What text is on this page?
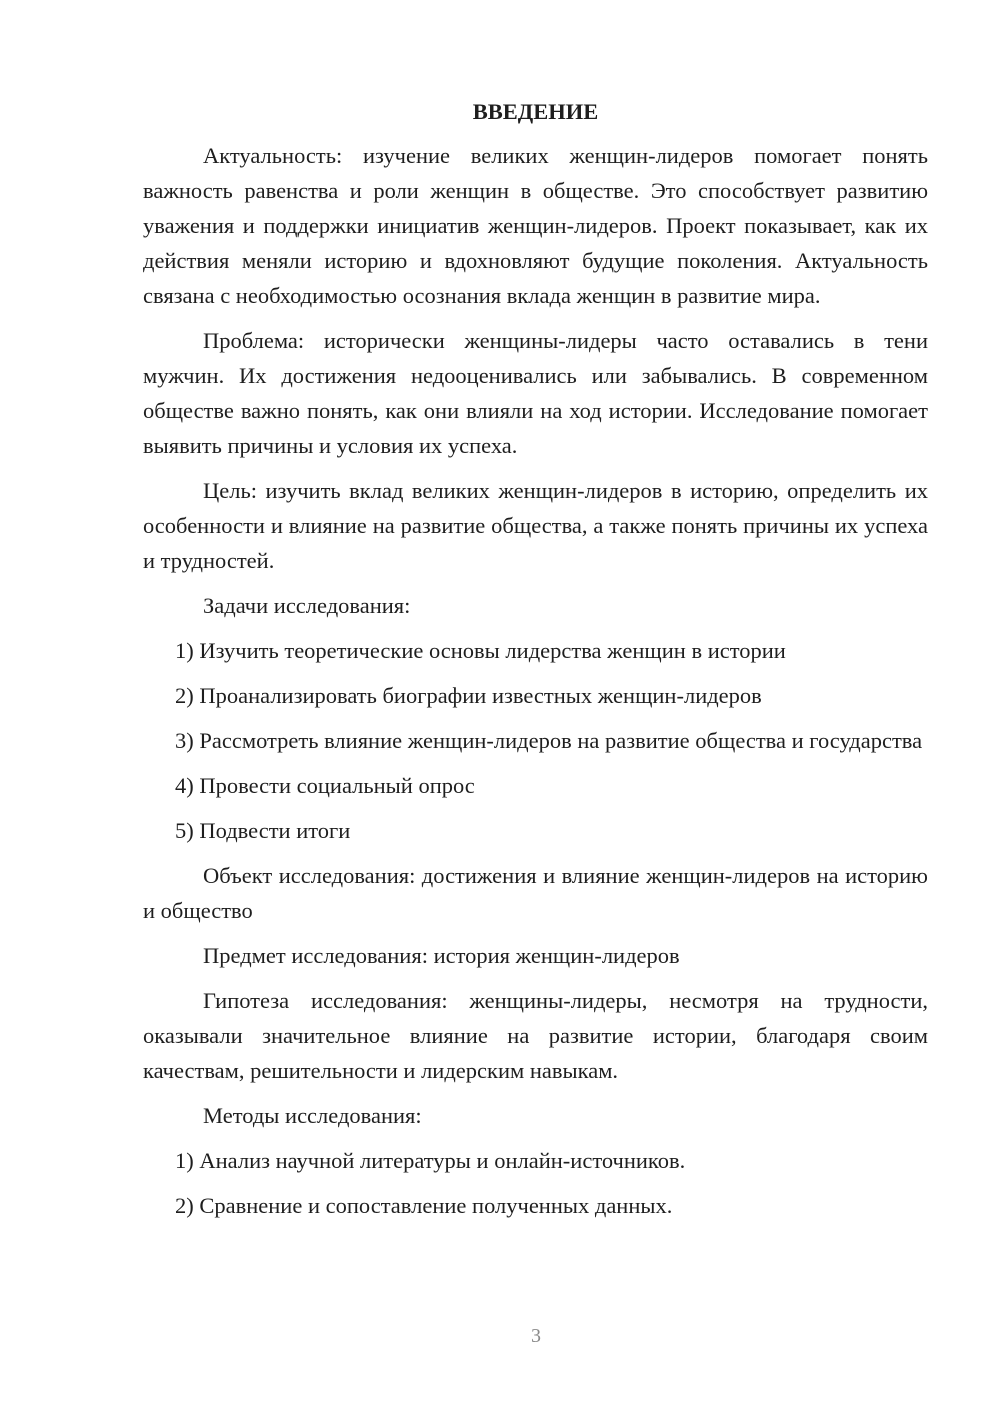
ВВЕДЕНИЕ
Актуальность: изучение великих женщин-лидеров помогает понять важность равенства и роли женщин в обществе. Это способствует развитию уважения и поддержки инициатив женщин-лидеров. Проект показывает, как их действия меняли историю и вдохновляют будущие поколения. Актуальность связана с необходимостью осознания вклада женщин в развитие мира.
Проблема: исторически женщины-лидеры часто оставались в тени мужчин. Их достижения недооценивались или забывались. В современном обществе важно понять, как они влияли на ход истории. Исследование помогает выявить причины и условия их успеха.
Цель: изучить вклад великих женщин-лидеров в историю, определить их особенности и влияние на развитие общества, а также понять причины их успеха и трудностей.
Задачи исследования:
1) Изучить теоретические основы лидерства женщин в истории
2) Проанализировать биографии известных женщин-лидеров
3) Рассмотреть влияние женщин-лидеров на развитие общества и государства
4) Провести социальный опрос
5) Подвести итоги
Объект исследования: достижения и влияние женщин-лидеров на историю и общество
Предмет исследования: история женщин-лидеров
Гипотеза исследования: женщины-лидеры, несмотря на трудности, оказывали значительное влияние на развитие истории, благодаря своим качествам, решительности и лидерским навыкам.
Методы исследования:
1) Анализ научной литературы и онлайн-источников.
2) Сравнение и сопоставление полученных данных.
3
